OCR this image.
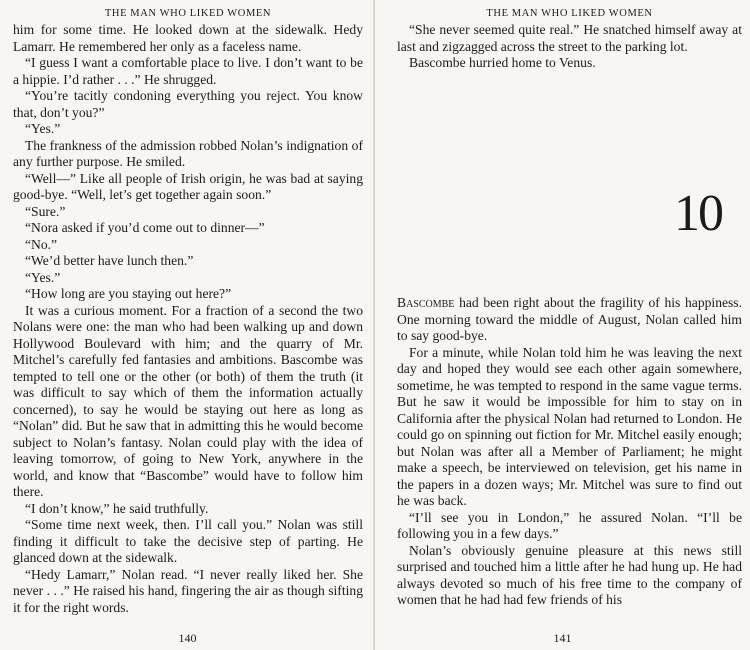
THE MAN WHO LIKED WOMEN

him for some time. He looked down at the sidewalk. Hedy Lamarr. He remembered her only as a faceless name.

“I guess I want a comfortable place to live. I don’t want to be a hippie. I’d rather . . .” He shrugged.

“You’re tacitly condoning everything you reject. You know that, don’t you?”

“Yes.”

The frankness of the admission robbed Nolan’s indignation of any further purpose. He smiled.

“Well—” Like all people of Irish origin, he was bad at saying good-bye. “Well, let’s get together again soon.”

“Sure.”

“Nora asked if you’d come out to dinner—”

“No.”

“We’d better have lunch then.”

“Yes.”

“How long are you staying out here?”

It was a curious moment. For a fraction of a second the two Nolans were one: the man who had been walking up and down Hollywood Boulevard with him; and the quarry of Mr. Mitchel’s carefully fed fantasies and ambitions. Bascombe was tempted to tell one or the other (or both) of them the truth (it was difficult to say which of them the information actually concerned), to say he would be staying out here as long as “Nolan” did. But he saw that in admitting this he would become subject to Nolan’s fantasy. Nolan could play with the idea of leaving tomorrow, of going to New York, anywhere in the world, and know that “Bascombe” would have to follow him there.

“I don’t know,” he said truthfully.

“Some time next week, then. I’ll call you.” Nolan was still finding it difficult to take the decisive step of parting. He glanced down at the sidewalk.

“Hedy Lamarr,” Nolan read. “I never really liked her. She never . . .” He raised his hand, fingering the air as though sifting it for the right words.

140
THE MAN WHO LIKED WOMEN

“She never seemed quite real.” He snatched himself away at last and zigzagged across the street to the parking lot.

Bascombe hurried home to Venus.

10

Bascombe had been right about the fragility of his happiness. One morning toward the middle of August, Nolan called him to say good-bye.

For a minute, while Nolan told him he was leaving the next day and hoped they would see each other again somewhere, sometime, he was tempted to respond in the same vague terms. But he saw it would be impossible for him to stay on in California after the physical Nolan had returned to London. He could go on spinning out fiction for Mr. Mitchel easily enough; but Nolan was after all a Member of Parliament; he might make a speech, be interviewed on television, get his name in the papers in a dozen ways; Mr. Mitchel was sure to find out he was back.

“I’ll see you in London,” he assured Nolan. “I’ll be following you in a few days.”

Nolan’s obviously genuine pleasure at this news still surprised and touched him a little after he had hung up. He had always devoted so much of his free time to the company of women that he had had few friends of his

141
